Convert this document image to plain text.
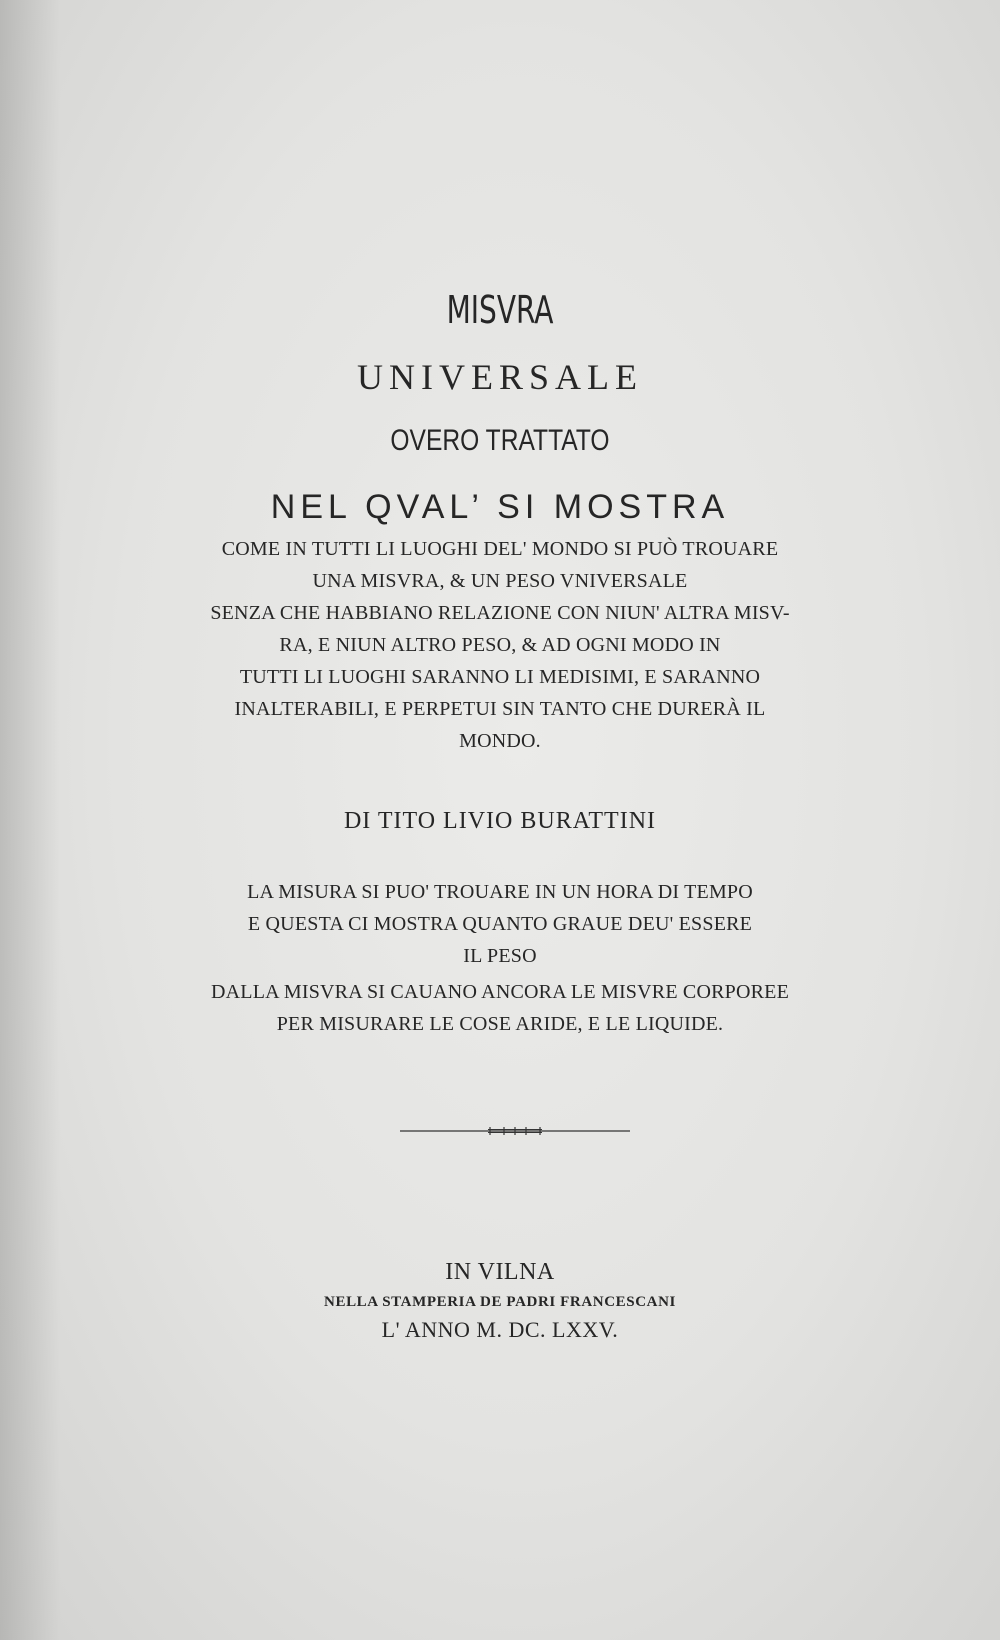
MISVRA

UNIVERSALE

OVERO TRATTATO

NEL QVAL’ SI MOSTRA

COME IN TUTTI LI LUOGHI DEL' MONDO SI PUÒ TROUARE

UNA MISVRA, & UN PESO VNIVERSALE

SENZA CHE HABBIANO RELAZIONE CON NIUN' ALTRA MISV-

RA, E NIUN ALTRO PESO, & AD OGNI MODO IN

TUTTI LI LUOGHI SARANNO LI MEDISIMI, E SARANNO

INALTERABILI, E PERPETUI SIN TANTO CHE DURERÀ IL

MONDO.

DI TITO LIVIO BURATTINI

LA MISURA SI PUO' TROUARE IN UN HORA DI TEMPO

E QUESTA CI MOSTRA QUANTO GRAUE DEU' ESSERE

IL PESO

DALLA MISVRA SI CAUANO ANCORA LE MISVRE CORPOREE

PER MISURARE LE COSE ARIDE, E LE LIQUIDE.

IN VILNA

NELLA STAMPERIA DE PADRI FRANCESCANI

L' ANNO M. DC. LXXV.
